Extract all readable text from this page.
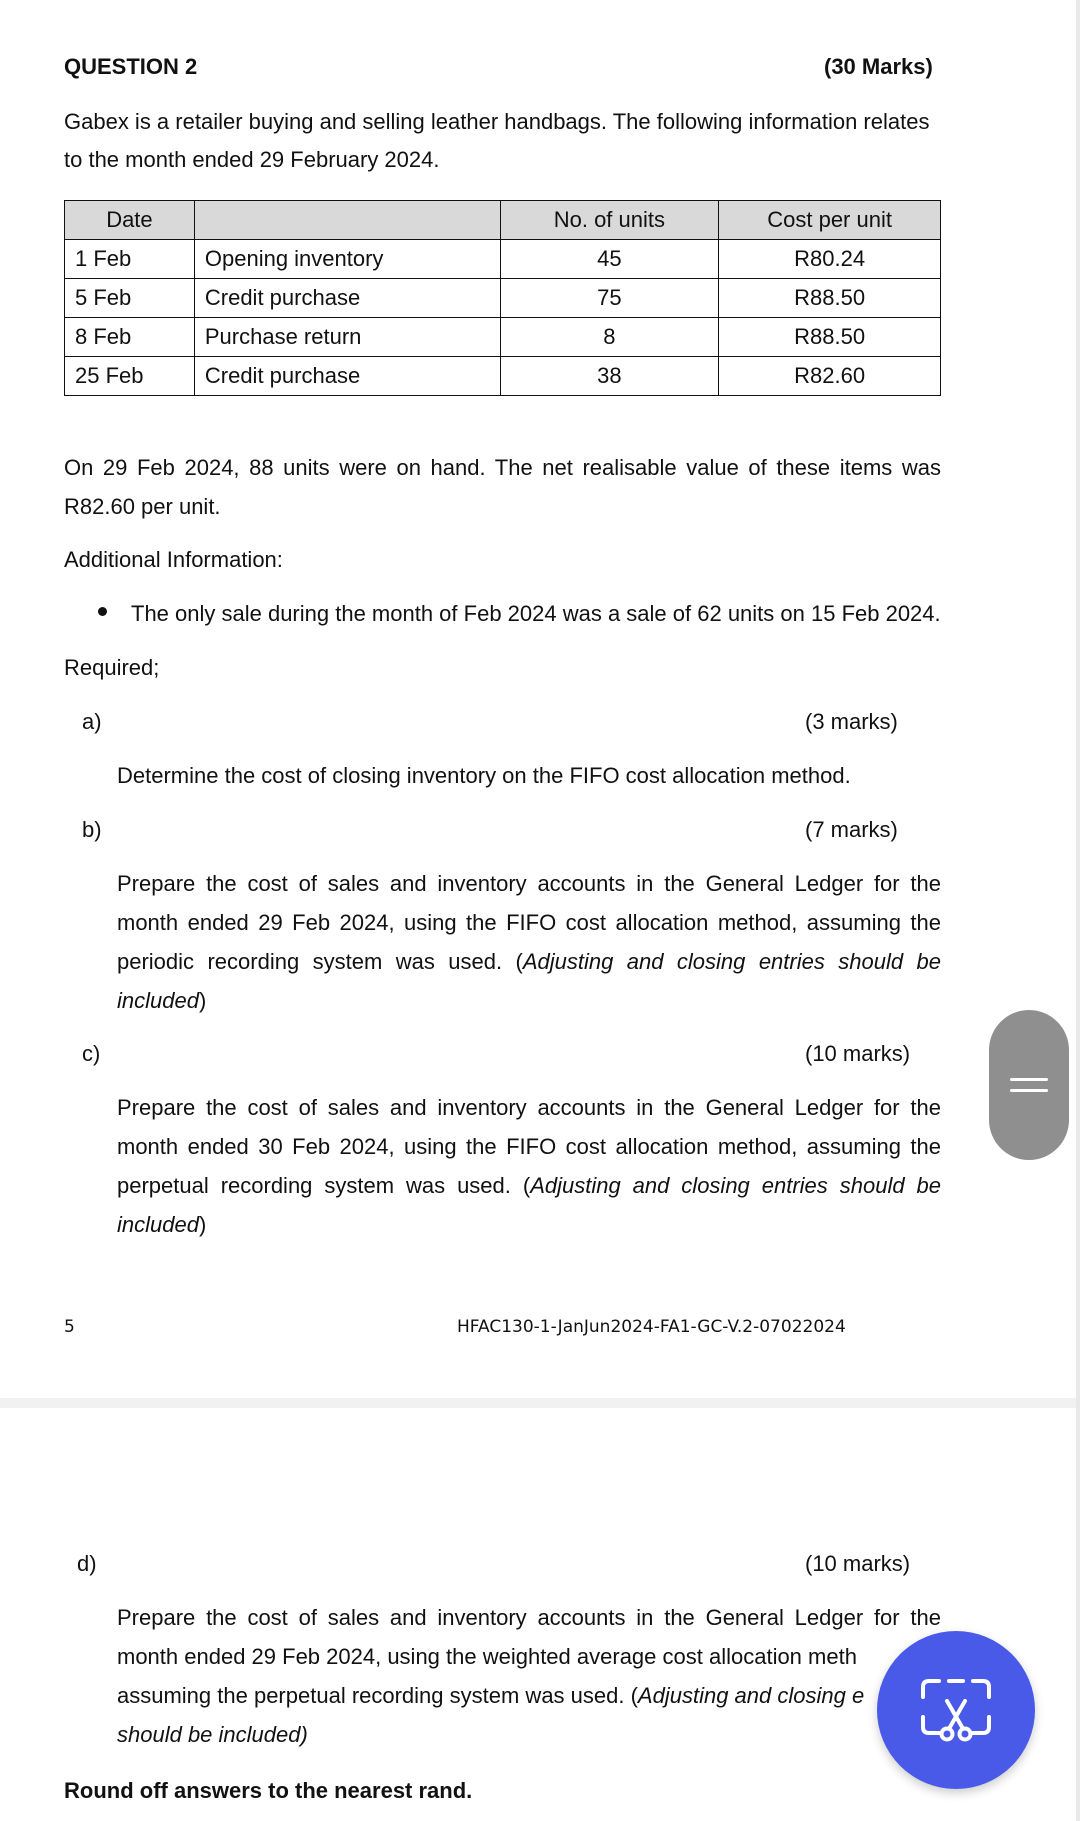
QUESTION 2	(30 Marks)
Gabex is a retailer buying and selling leather handbags. The following information relates
to the month ended 29 February 2024.
Date		No. of units	Cost per unit
1 Feb	Opening inventory	45	R80.24
5 Feb	Credit purchase	75	R88.50
8 Feb	Purchase return	8	R88.50
25 Feb	Credit purchase	38	R82.60
On 29 Feb 2024, 88 units were on hand. The net realisable value of these items was
R82.60 per unit.
Additional Information:
The only sale during the month of Feb 2024 was a sale of 62 units on 15 Feb 2024.
Required;
a)	(3 marks)
Determine the cost of closing inventory on the FIFO cost allocation method.
b)	(7 marks)
Prepare the cost of sales and inventory accounts in the General Ledger for the
month ended 29 Feb 2024, using the FIFO cost allocation method, assuming the
periodic recording system was used. (Adjusting and closing entries should be
included)
c)	(10 marks)
Prepare the cost of sales and inventory accounts in the General Ledger for the
month ended 30 Feb 2024, using the FIFO cost allocation method, assuming the
perpetual recording system was used. (Adjusting and closing entries should be
included)
5	HFAC130-1-JanJun2024-FA1-GC-V.2-07022024
d)	(10 marks)
Prepare the cost of sales and inventory accounts in the General Ledger for the
month ended 29 Feb 2024, using the weighted average cost allocation meth
assuming the perpetual recording system was used. (Adjusting and closing e
should be included)
Round off answers to the nearest rand.
